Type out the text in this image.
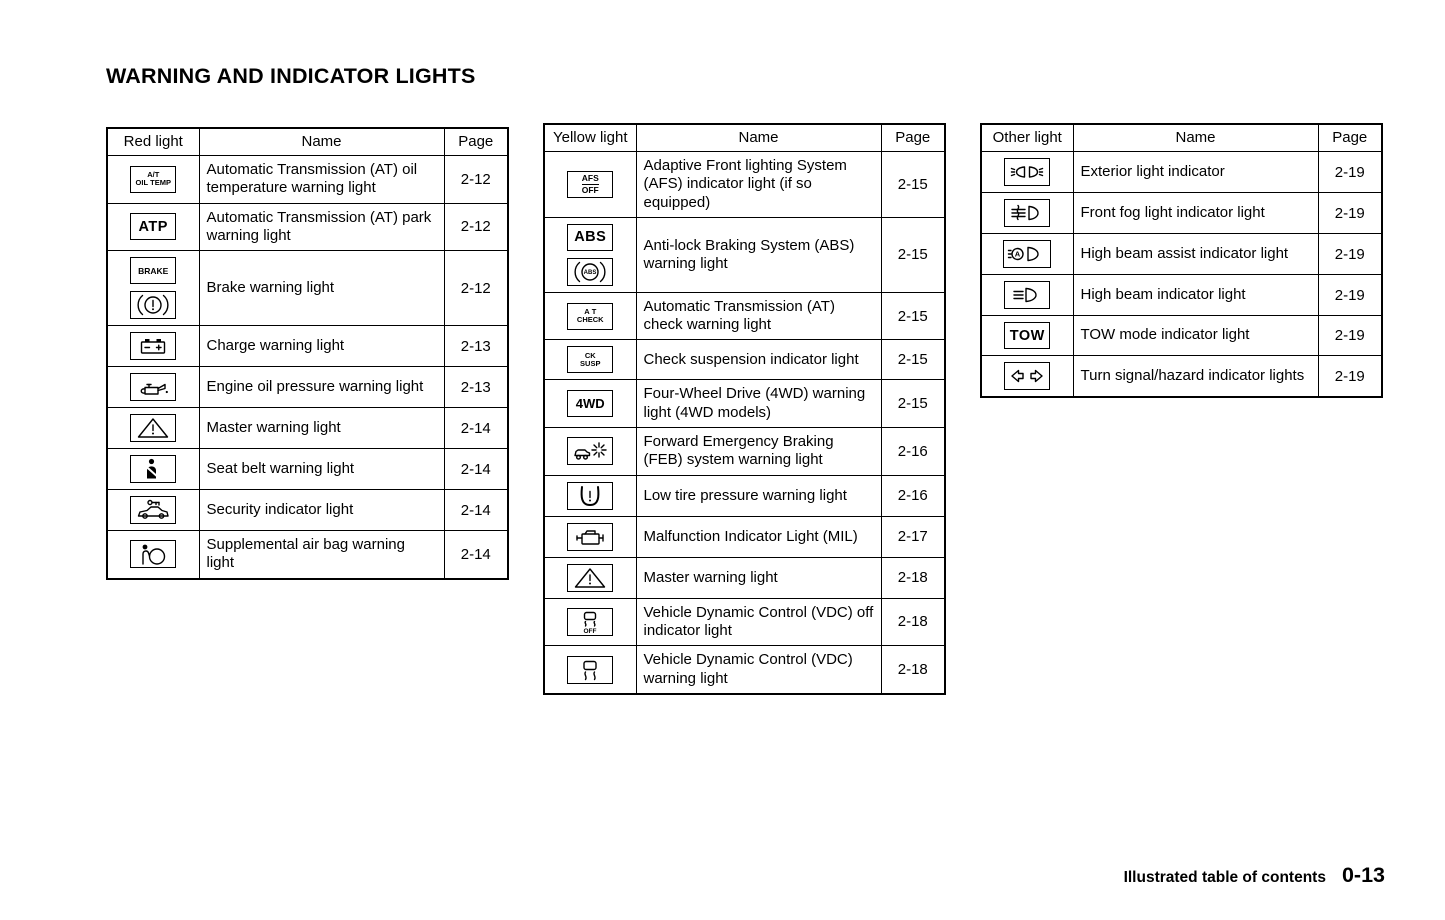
WARNING AND INDICATOR LIGHTS
Red light	Name	Page

A/T
OIL TEMP	Automatic Transmission (AT) oil temperature warning light	2-12

ATP	Automatic Transmission (AT) park warning light	2-12

BRAKE	Brake warning light	2-12

	Charge warning light	2-13

	Engine oil pressure warning light	2-13

	Master warning light	2-14

	Seat belt warning light	2-14

	Security indicator light	2-14

	Supplemental air bag warning light	2-14
Yellow light	Name	Page

AFS
OFF	Adaptive Front lighting System (AFS) indicator light (if so equipped)	2-15

ABS
ABS	Anti-lock Braking System (ABS) warning light	2-15

A T
CHECK	Automatic Transmission (AT) check warning light	2-15

CK
SUSP	Check suspension indicator light	2-15

4WD	Four-Wheel Drive (4WD) warning light (4WD models)	2-15

	Forward Emergency Braking (FEB) system warning light	2-16

	Low tire pressure warning light	2-16

	Malfunction Indicator Light (MIL)	2-17

	Master warning light	2-18

OFF	Vehicle Dynamic Control (VDC) off indicator light	2-18

	Vehicle Dynamic Control (VDC) warning light	2-18
Other light	Name	Page

	Exterior light indicator	2-19

	Front fog light indicator light	2-19

A	High beam assist indicator light	2-19

	High beam indicator light	2-19

TOW	TOW mode indicator light	2-19

	Turn signal/hazard indicator lights	2-19
Illustrated table of contents 0-13
